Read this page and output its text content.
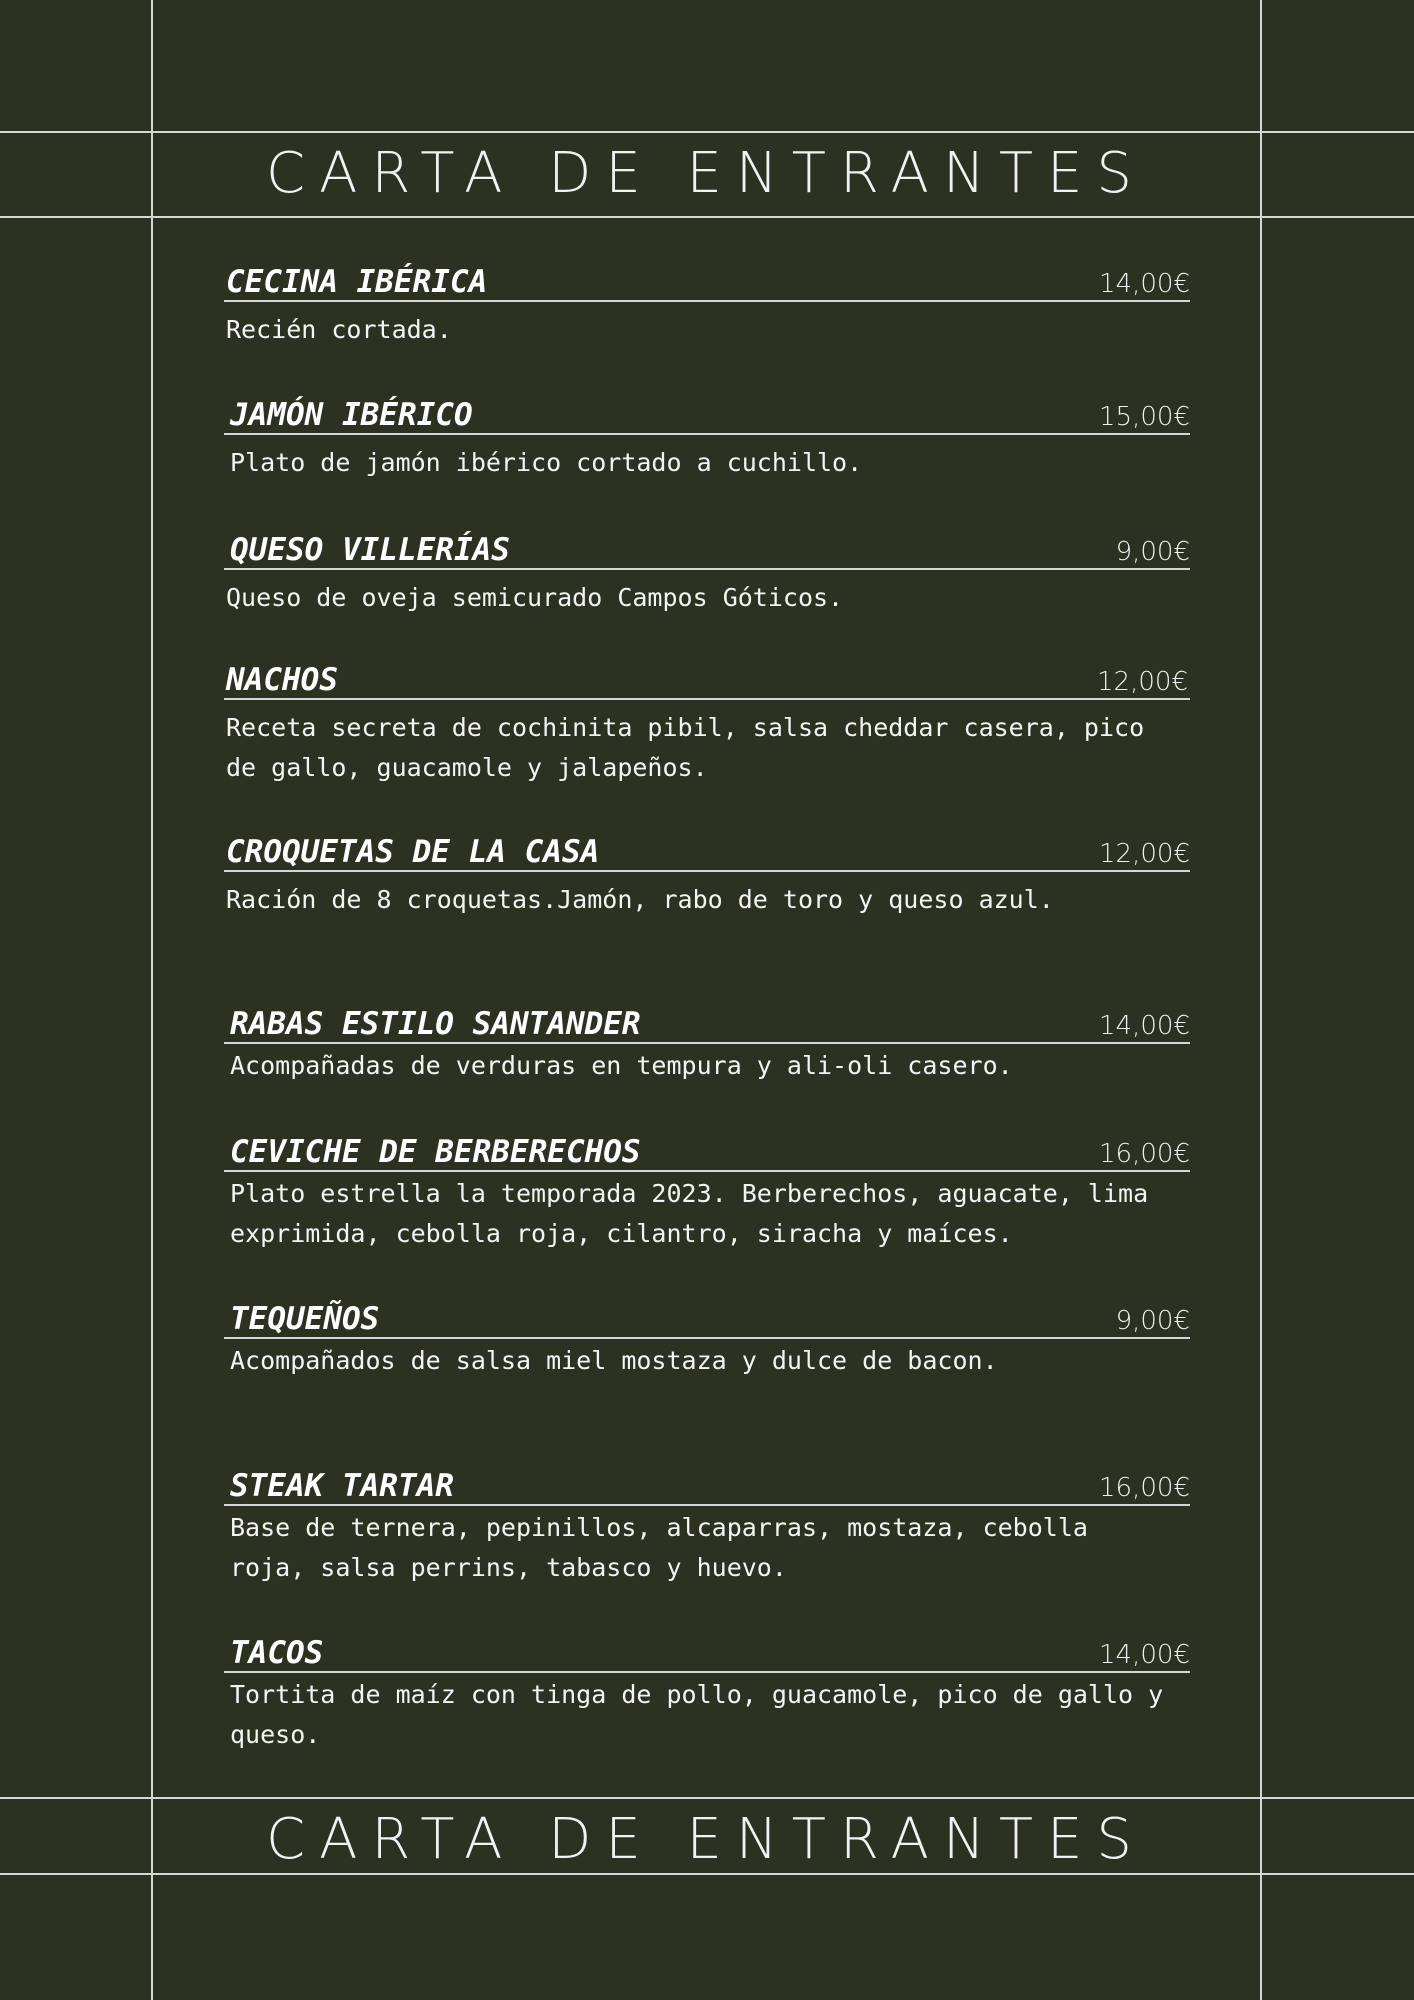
CARTA DE ENTRANTES
CECINA IBÉRICA	14,00€
Recién cortada.
JAMÓN IBÉRICO	15,00€
Plato de jamón ibérico cortado a cuchillo.
QUESO VILLERÍAS	9,00€
Queso de oveja semicurado Campos Góticos.
NACHOS	12,00€
Receta secreta de cochinita pibil, salsa cheddar casera, pico de gallo, guacamole y jalapeños.
CROQUETAS DE LA CASA	12,00€
Ración de 8 croquetas.Jamón, rabo de toro y queso azul.
RABAS ESTILO SANTANDER	14,00€
Acompañadas de verduras en tempura y ali-oli casero.
CEVICHE DE BERBERECHOS	16,00€
Plato estrella la temporada 2023. Berberechos, aguacate, lima exprimida, cebolla roja, cilantro, siracha y maíces.
TEQUEÑOS	9,00€
Acompañados de salsa miel mostaza y dulce de bacon.
STEAK TARTAR	16,00€
Base de ternera, pepinillos, alcaparras, mostaza, cebolla roja, salsa perrins, tabasco y huevo.
TACOS	14,00€
Tortita de maíz con tinga de pollo, guacamole, pico de gallo y queso.
CARTA DE ENTRANTES
